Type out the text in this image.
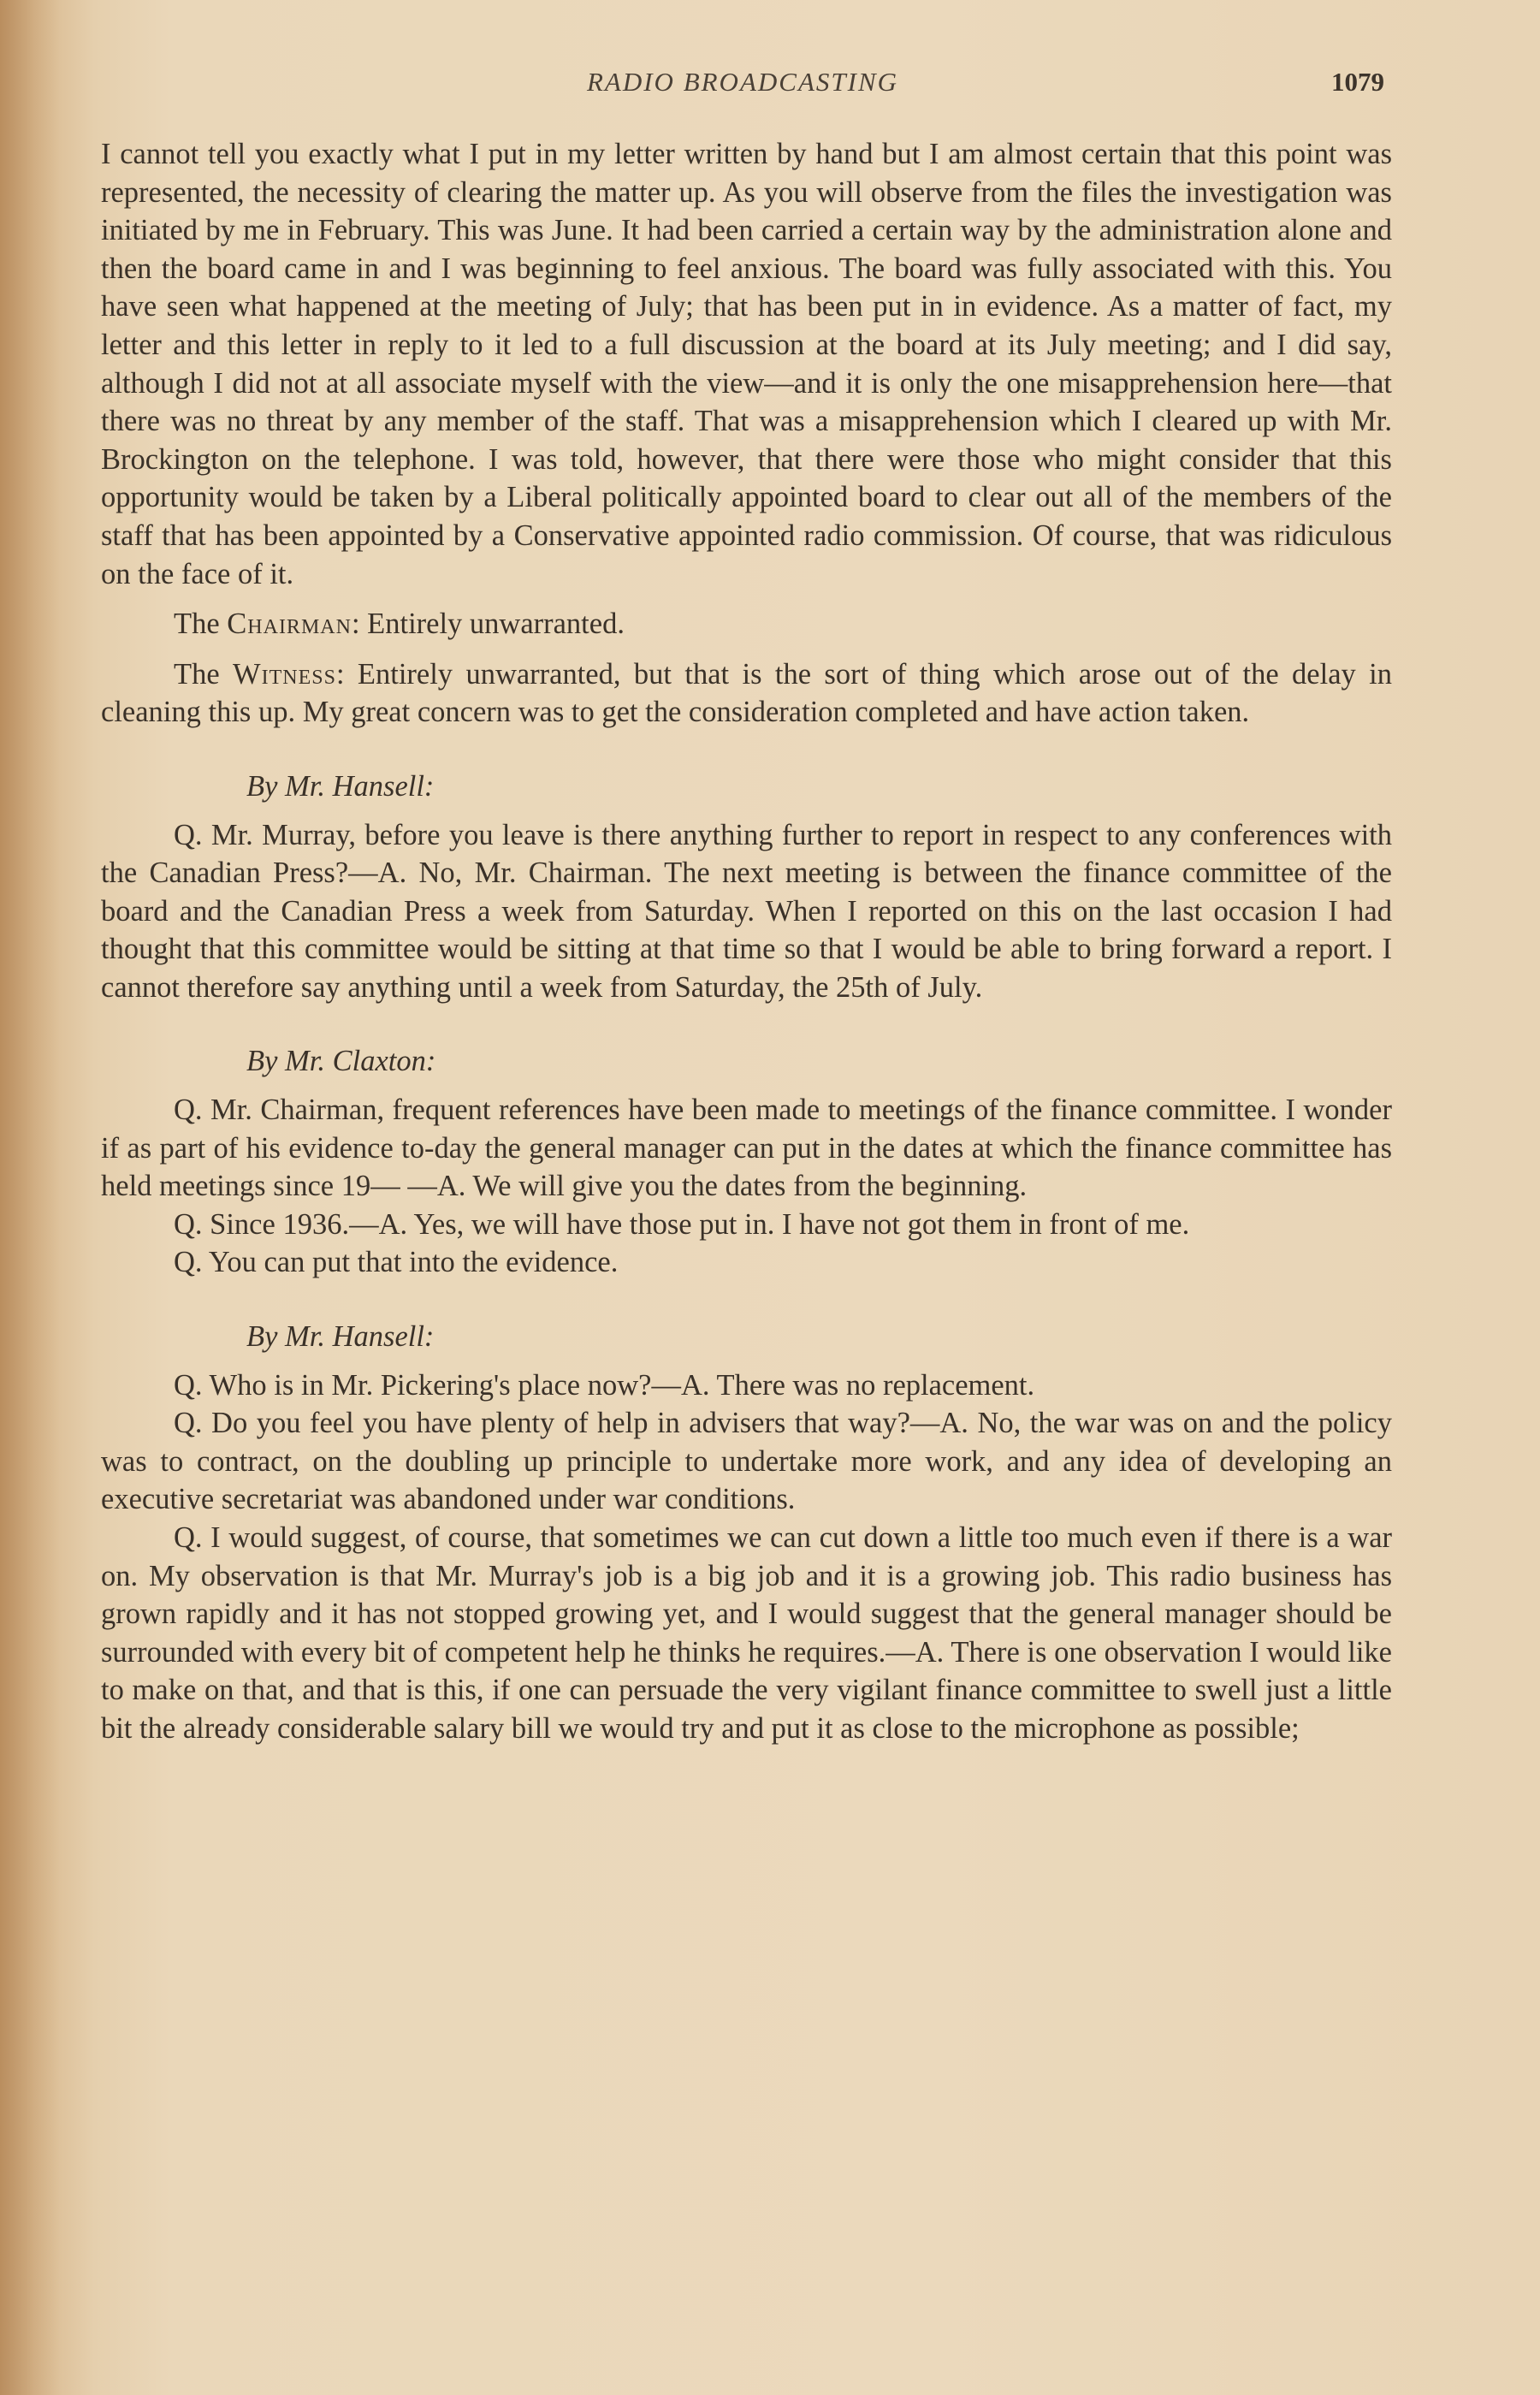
RADIO BROADCASTING	1079

I cannot tell you exactly what I put in my letter written by hand but I am almost certain that this point was represented, the necessity of clearing the matter up. As you will observe from the files the investigation was initiated by me in February. This was June. It had been carried a certain way by the administration alone and then the board came in and I was beginning to feel anxious. The board was fully associated with this. You have seen what happened at the meeting of July; that has been put in in evidence. As a matter of fact, my letter and this letter in reply to it led to a full discussion at the board at its July meeting; and I did say, although I did not at all associate myself with the view—and it is only the one misapprehension here—that there was no threat by any member of the staff. That was a misapprehension which I cleared up with Mr. Brockington on the telephone. I was told, however, that there were those who might consider that this opportunity would be taken by a Liberal politically appointed board to clear out all of the members of the staff that has been appointed by a Conservative appointed radio commission. Of course, that was ridiculous on the face of it.

The Chairman: Entirely unwarranted.

The Witness: Entirely unwarranted, but that is the sort of thing which arose out of the delay in cleaning this up. My great concern was to get the consideration completed and have action taken.

By Mr. Hansell:

Q. Mr. Murray, before you leave is there anything further to report in respect to any conferences with the Canadian Press?—A. No, Mr. Chairman. The next meeting is between the finance committee of the board and the Canadian Press a week from Saturday. When I reported on this on the last occasion I had thought that this committee would be sitting at that time so that I would be able to bring forward a report. I cannot therefore say anything until a week from Saturday, the 25th of July.

By Mr. Claxton:

Q. Mr. Chairman, frequent references have been made to meetings of the finance committee. I wonder if as part of his evidence to-day the general manager can put in the dates at which the finance committee has held meetings since 19— —A. We will give you the dates from the beginning.

Q. Since 1936.—A. Yes, we will have those put in. I have not got them in front of me.

Q. You can put that into the evidence.

By Mr. Hansell:

Q. Who is in Mr. Pickering's place now?—A. There was no replacement.

Q. Do you feel you have plenty of help in advisers that way?—A. No, the war was on and the policy was to contract, on the doubling up principle to undertake more work, and any idea of developing an executive secretariat was abandoned under war conditions.

Q. I would suggest, of course, that sometimes we can cut down a little too much even if there is a war on. My observation is that Mr. Murray's job is a big job and it is a growing job. This radio business has grown rapidly and it has not stopped growing yet, and I would suggest that the general manager should be surrounded with every bit of competent help he thinks he requires.—A. There is one observation I would like to make on that, and that is this, if one can persuade the very vigilant finance committee to swell just a little bit the already considerable salary bill we would try and put it as close to the microphone as possible;
